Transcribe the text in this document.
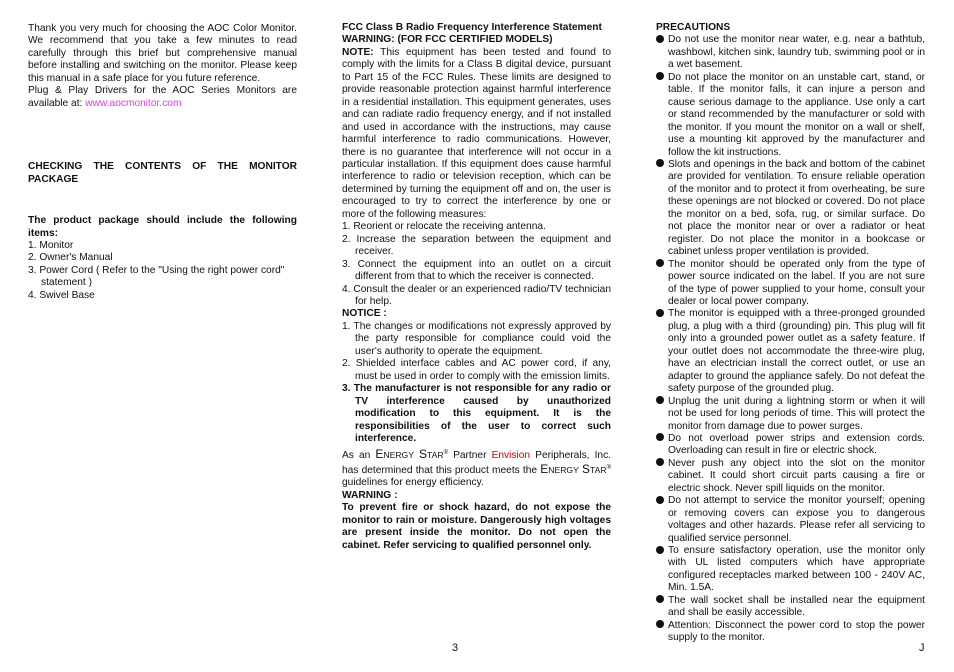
Thank you very much for choosing the AOC Color Monitor. We recommend that you take a few minutes to read carefully through this brief but comprehensive manual before installing and switching on the monitor. Please keep this manual in a safe place for you future reference.

Plug & Play Drivers for the AOC Series Monitors are available at: www.aocmonitor.com

CHECKING THE CONTENTS OF THE MONITOR PACKAGE

The product package should include the following items:

1. Monitor
2. Owner's Manual
3. Power Cord ( Refer to the "Using the right power cord" statement )
4. Swivel Base

FCC Class B Radio Frequency Interference Statement

WARNING: (FOR FCC CERTIFIED MODELS)

NOTE: This equipment has been tested and found to comply with the limits for a Class B digital device, pursuant to Part 15 of the FCC Rules. These limits are designed to provide reasonable protection against harmful interference in a residential installation. This equipment generates, uses and can radiate radio frequency energy, and if not installed and used in accordance with the instructions, may cause harmful interference to radio communications. However, there is no guarantee that interference will not occur in a particular installation. If this equipment does cause harmful interference to radio or television reception, which can be determined by turning the equipment off and on, the user is encouraged to try to correct the interference by one or more of the following measures:

1. Reorient or relocate the receiving antenna.
2. Increase the separation between the equipment and receiver.
3. Connect the equipment into an outlet on a circuit different from that to which the receiver is connected.
4. Consult the dealer or an experienced radio/TV technician for help.

NOTICE :

1. The changes or modifications not expressly approved by the party responsible for compliance could void the user's authority to operate the equipment.
2. Shielded interface cables and AC power cord, if any, must be used in order to comply with the emission limits.
3. The manufacturer is not responsible for any radio or TV interference caused by unauthorized modification to this equipment. It is the responsibilities of the user to correct such interference.

As an ENERGY STAR® Partner Envision Peripherals, Inc. has determined that this product meets the ENERGY STAR® guidelines for energy efficiency.

WARNING :

To prevent fire or shock hazard, do not expose the monitor to rain or moisture. Dangerously high voltages are present inside the monitor. Do not open the cabinet. Refer servicing to qualified personnel only.

PRECAUTIONS

Do not use the monitor near water, e.g. near a bathtub, washbowl, kitchen sink, laundry tub, swimming pool or in a wet basement.
Do not place the monitor on an unstable cart, stand, or table. If the monitor falls, it can injure a person and cause serious damage to the appliance. Use only a cart or stand recommended by the manufacturer or sold with the monitor. If you mount the monitor on a wall or shelf, use a mounting kit approved by the manufacturer and follow the kit instructions.
Slots and openings in the back and bottom of the cabinet are provided for ventilation. To ensure reliable operation of the monitor and to protect it from overheating, be sure these openings are not blocked or covered. Do not place the monitor on a bed, sofa, rug, or similar surface. Do not place the monitor near or over a radiator or heat register. Do not place the monitor in a bookcase or cabinet unless proper ventilation is provided.
The monitor should be operated only from the type of power source indicated on the label. If you are not sure of the type of power supplied to your home, consult your dealer or local power company.
The monitor is equipped with a three-pronged grounded plug, a plug with a third (grounding) pin. This plug will fit only into a grounded power outlet as a safety feature. If your outlet does not accommodate the three-wire plug, have an electrician install the correct outlet, or use an adapter to ground the appliance safely. Do not defeat the safety purpose of the grounded plug.
Unplug the unit during a lightning storm or when it will not be used for long periods of time. This will protect the monitor from damage due to power surges.
Do not overload power strips and extension cords. Overloading can result in fire or electric shock.
Never push any object into the slot on the monitor cabinet. It could short circuit parts causing a fire or electric shock. Never spill liquids on the monitor.
Do not attempt to service the monitor yourself; opening or removing covers can expose you to dangerous voltages and other hazards. Please refer all servicing to qualified service personnel.
To ensure satisfactory operation, use the monitor only with UL listed computers which have appropriate configured receptacles marked between 100 - 240V AC, Min. 1.5A.
The wall socket shall be installed near the equipment and shall be easily accessible.
Attention: Disconnect the power cord to stop the power supply to the monitor.
3	J
